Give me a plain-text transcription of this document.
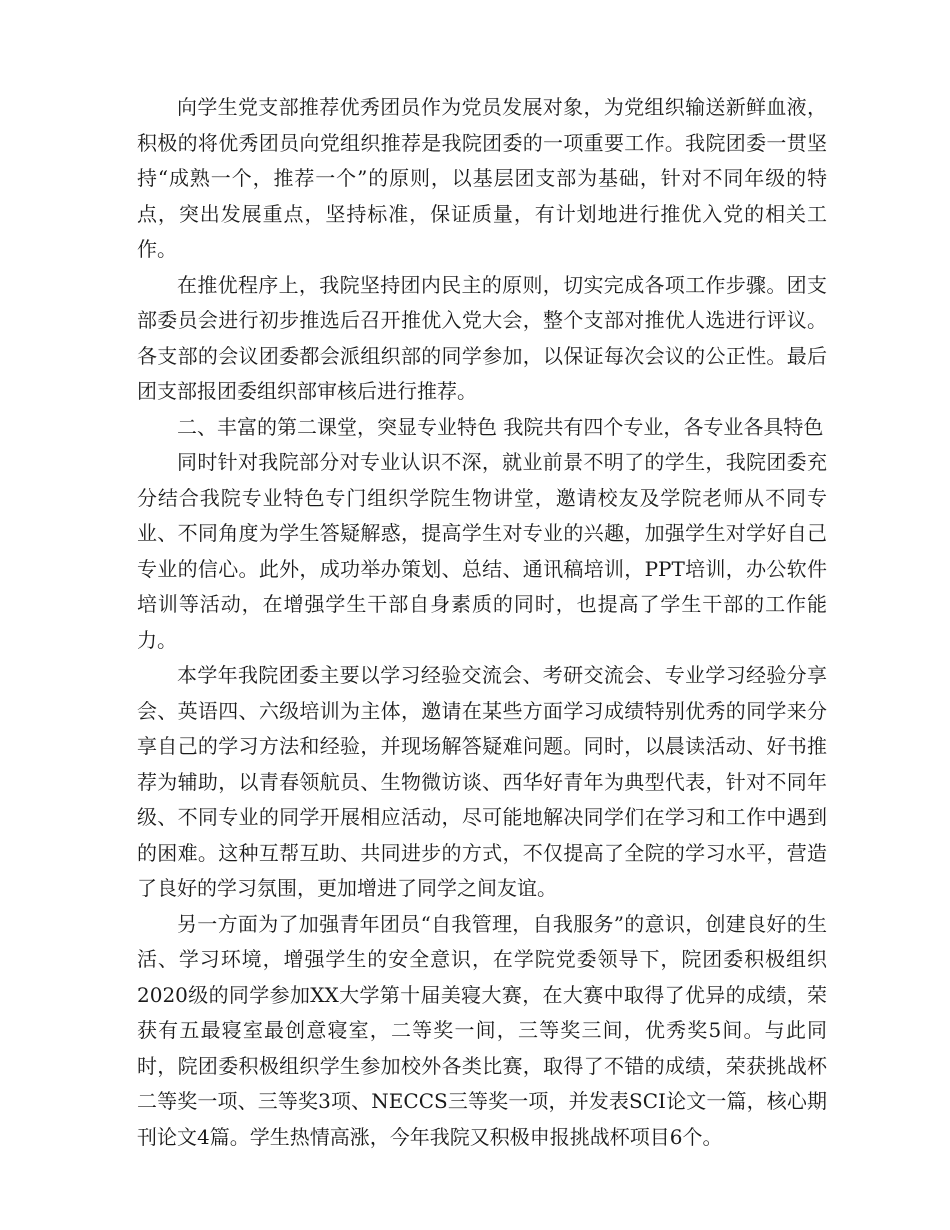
向学生党支部推荐优秀团员作为党员发展对象，为党组织输送新鲜血液，积极的将优秀团员向党组织推荐是我院团委的一项重要工作。我院团委一贯坚持“成熟一个，推荐一个”的原则，以基层团支部为基础，针对不同年级的特点，突出发展重点，坚持标准，保证质量，有计划地进行推优入党的相关工作。

在推优程序上，我院坚持团内民主的原则，切实完成各项工作步骤。团支部委员会进行初步推选后召开推优入党大会，整个支部对推优人选进行评议。各支部的会议团委都会派组织部的同学参加，以保证每次会议的公正性。最后团支部报团委组织部审核后进行推荐。

二、丰富的第二课堂，突显专业特色 我院共有四个专业，各专业各具特色

同时针对我院部分对专业认识不深，就业前景不明了的学生，我院团委充分结合我院专业特色专门组织学院生物讲堂，邀请校友及学院老师从不同专业、不同角度为学生答疑解惑，提高学生对专业的兴趣，加强学生对学好自己专业的信心。此外，成功举办策划、总结、通讯稿培训，PPT培训，办公软件培训等活动，在增强学生干部自身素质的同时，也提高了学生干部的工作能力。

本学年我院团委主要以学习经验交流会、考研交流会、专业学习经验分享会、英语四、六级培训为主体，邀请在某些方面学习成绩特别优秀的同学来分享自己的学习方法和经验，并现场解答疑难问题。同时，以晨读活动、好书推荐为辅助，以青春领航员、生物微访谈、西华好青年为典型代表，针对不同年级、不同专业的同学开展相应活动，尽可能地解决同学们在学习和工作中遇到的困难。这种互帮互助、共同进步的方式，不仅提高了全院的学习水平，营造了良好的学习氛围，更加增进了同学之间友谊。

另一方面为了加强青年团员“自我管理，自我服务”的意识，创建良好的生活、学习环境，增强学生的安全意识，在学院党委领导下，院团委积极组织2020级的同学参加XX大学第十届美寝大赛，在大赛中取得了优异的成绩，荣获有五最寝室最创意寝室，二等奖一间，三等奖三间，优秀奖5间。与此同时，院团委积极组织学生参加校外各类比赛，取得了不错的成绩，荣获挑战杯二等奖一项、三等奖3项、NECCS三等奖一项，并发表SCI论文一篇，核心期刊论文4篇。学生热情高涨，今年我院又积极申报挑战杯项目6个。
